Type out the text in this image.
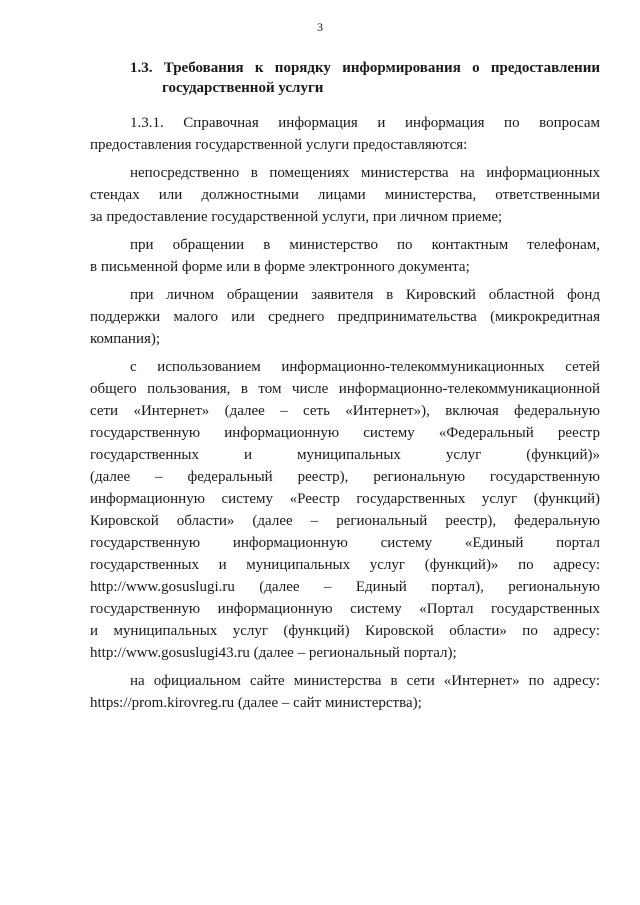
3
1.3. Требования к порядку информирования о предоставлении
государственной услуги
1.3.1. Справочная информация и информация по вопросам
предоставления государственной услуги предоставляются:
непосредственно в помещениях министерства на информационных
стендах или должностными лицами министерства, ответственными
за предоставление государственной услуги, при личном приеме;
при обращении в министерство по контактным телефонам,
в письменной форме или в форме электронного документа;
при личном обращении заявителя в Кировский областной фонд
поддержки малого или среднего предпринимательства (микрокредитная
компания);
с использованием информационно-телекоммуникационных сетей
общего пользования, в том числе информационно-телекоммуникационной
сети «Интернет» (далее – сеть «Интернет»), включая федеральную
государственную информационную систему «Федеральный реестр
государственных и муниципальных услуг (функций)»
(далее – федеральный реестр), региональную государственную
информационную систему «Реестр государственных услуг (функций)
Кировской области» (далее – региональный реестр), федеральную
государственную информационную систему «Единый портал
государственных и муниципальных услуг (функций)» по адресу:
http://www.gosuslugi.ru (далее – Единый портал), региональную
государственную информационную систему «Портал государственных
и муниципальных услуг (функций) Кировской области» по адресу:
http://www.gosuslugi43.ru (далее – региональный портал);
на официальном сайте министерства в сети «Интернет» по адресу:
https://prom.kirovreg.ru (далее – сайт министерства);
